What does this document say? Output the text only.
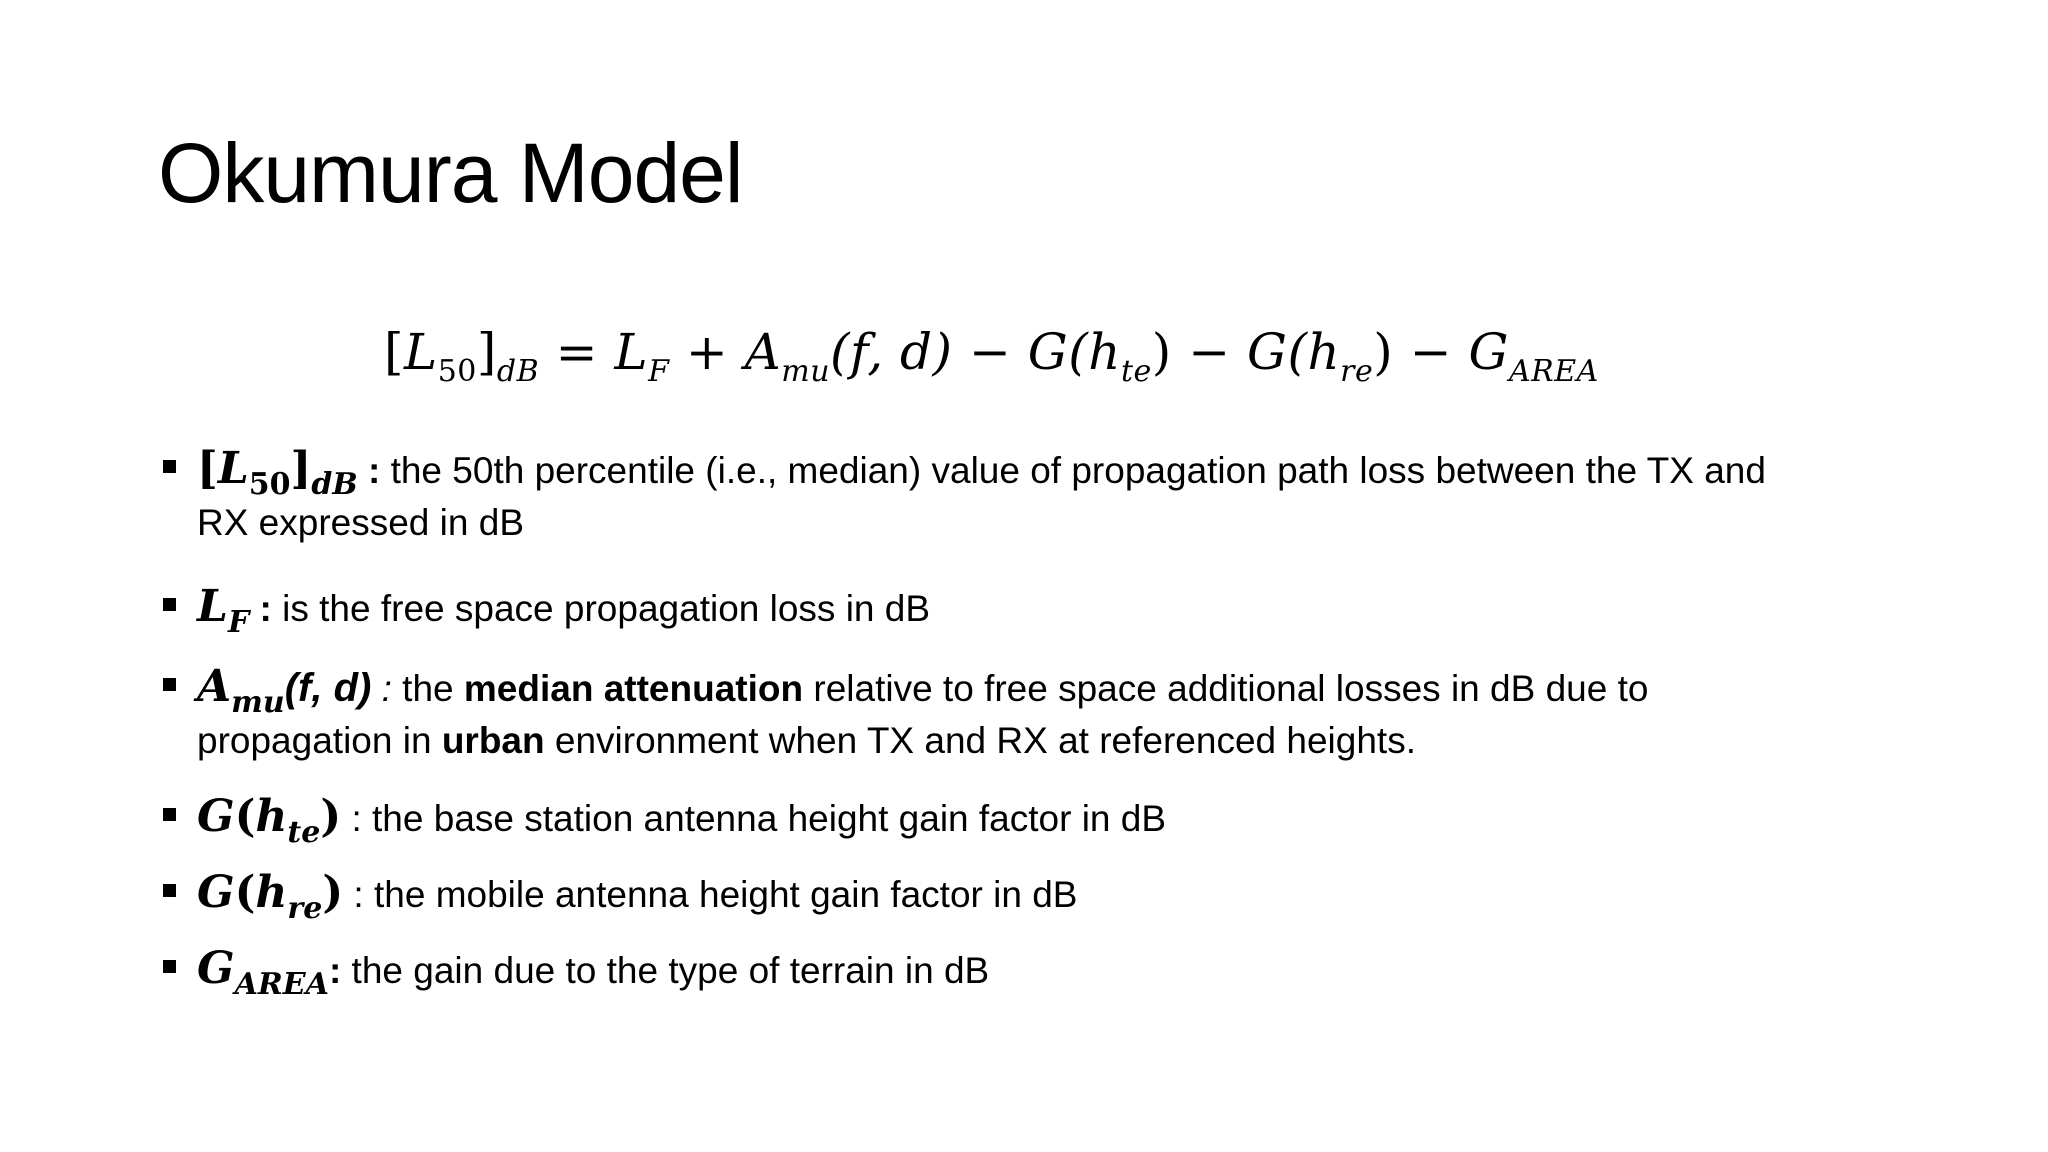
Okumura Model
$[L_{50}]_{dB} = L_F + A_{mu}(f$, $d) - G(h_{te}) - G(h_{re}) - G_{AREA}$
$[L_{50}]_{dB}$ : the 50th percentile (i.e., median) value of propagation path loss between the TX and
RX expressed in dB
$L_F$ : is the free space propagation loss in dB
$A_{mu}(f$, d) : the median attenuation relative to free space additional losses in dB due to
propagation in urban environment when TX and RX at referenced heights.
$G(h_{te})$ : the base station antenna height gain factor in dB
$G(h_{re})$ : the mobile antenna height gain factor in dB
$G_{AREA}$: the gain due to the type of terrain in dB
